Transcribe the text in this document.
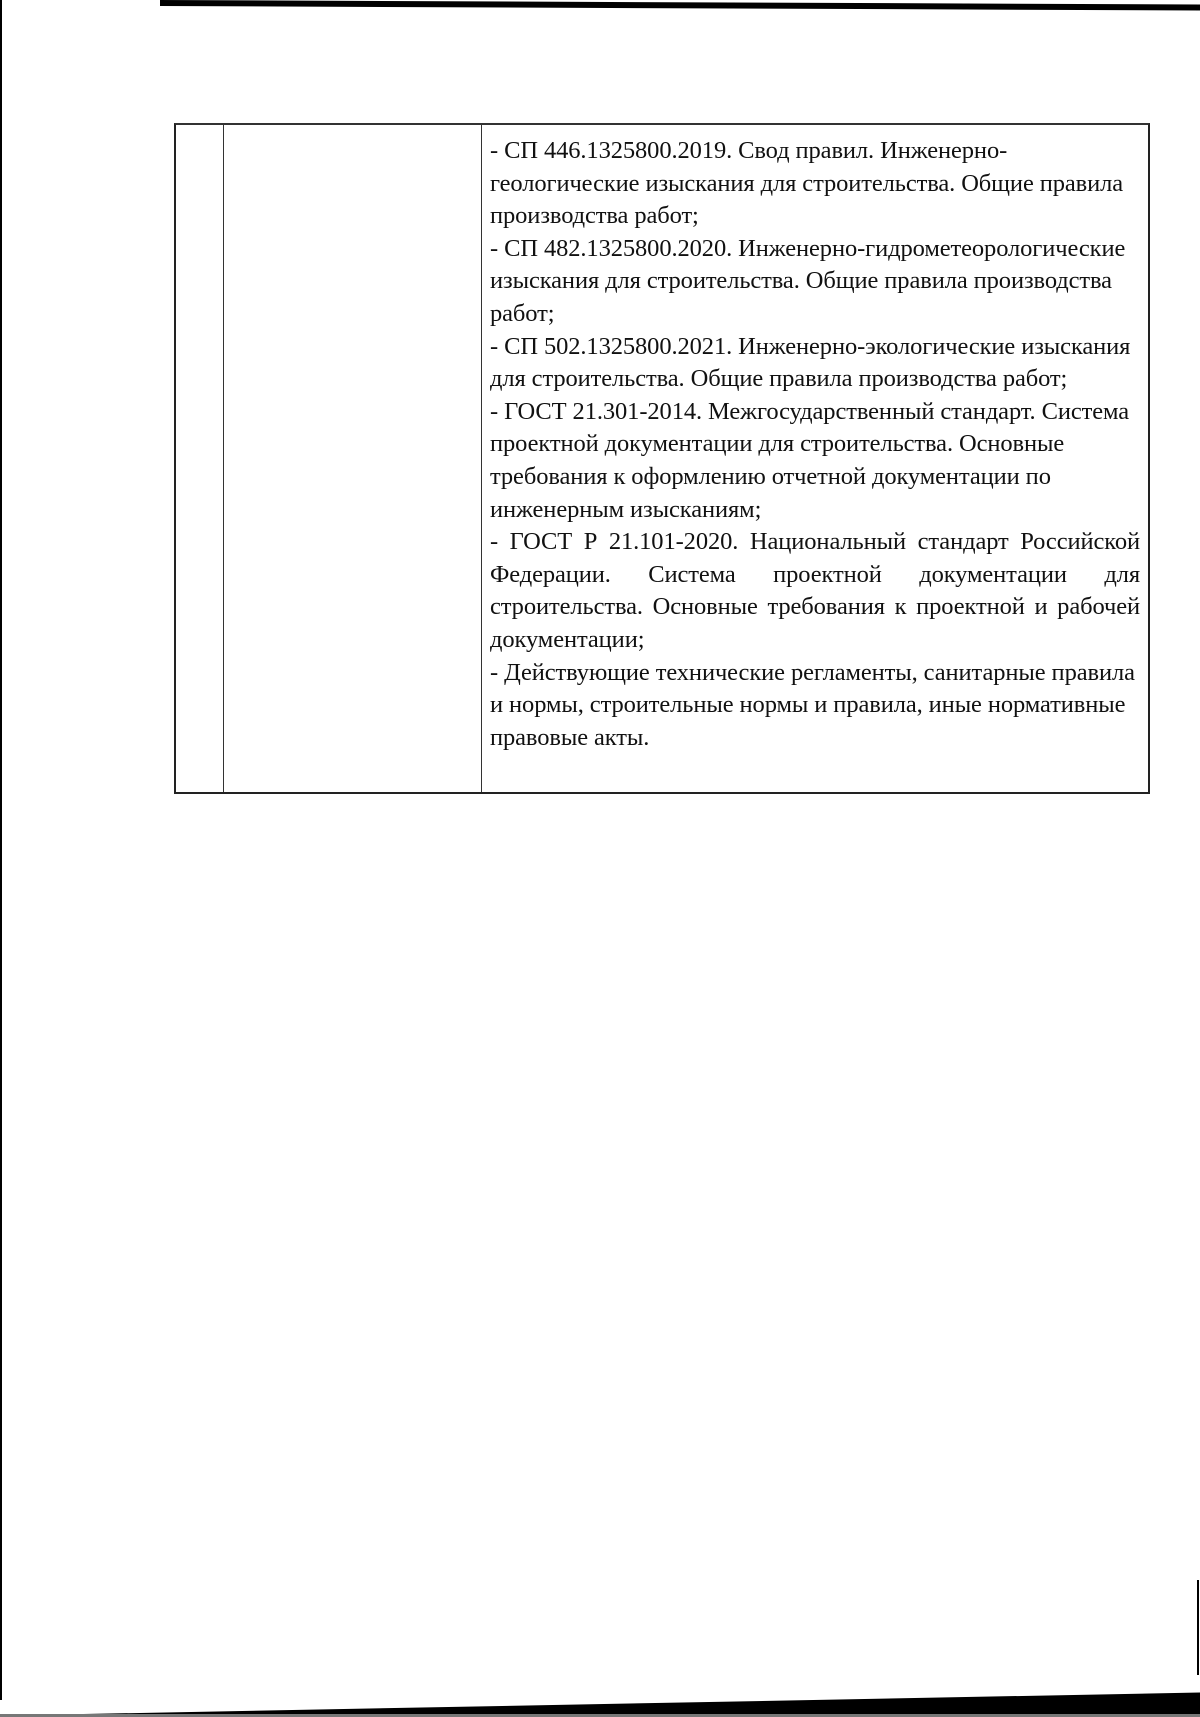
- СП 446.1325800.2019. Свод правил. Инженерно-геологические изыскания для строительства. Общие правила производства работ;
- СП 482.1325800.2020. Инженерно-гидрометеорологические изыскания для строительства. Общие правила производства работ;
- СП 502.1325800.2021. Инженерно-экологические изыскания для строительства. Общие правила производства работ;
- ГОСТ 21.301-2014. Межгосударственный стандарт. Система проектной документации для строительства. Основные требования к оформлению отчетной документации по инженерным изысканиям;
- ГОСТ Р 21.101-2020. Национальный стандарт Российской Федерации. Система проектной документации для строительства. Основные требования к проектной и рабочей документации;
- Действующие технические регламенты, санитарные правила и нормы, строительные нормы и правила, иные нормативные правовые акты.
